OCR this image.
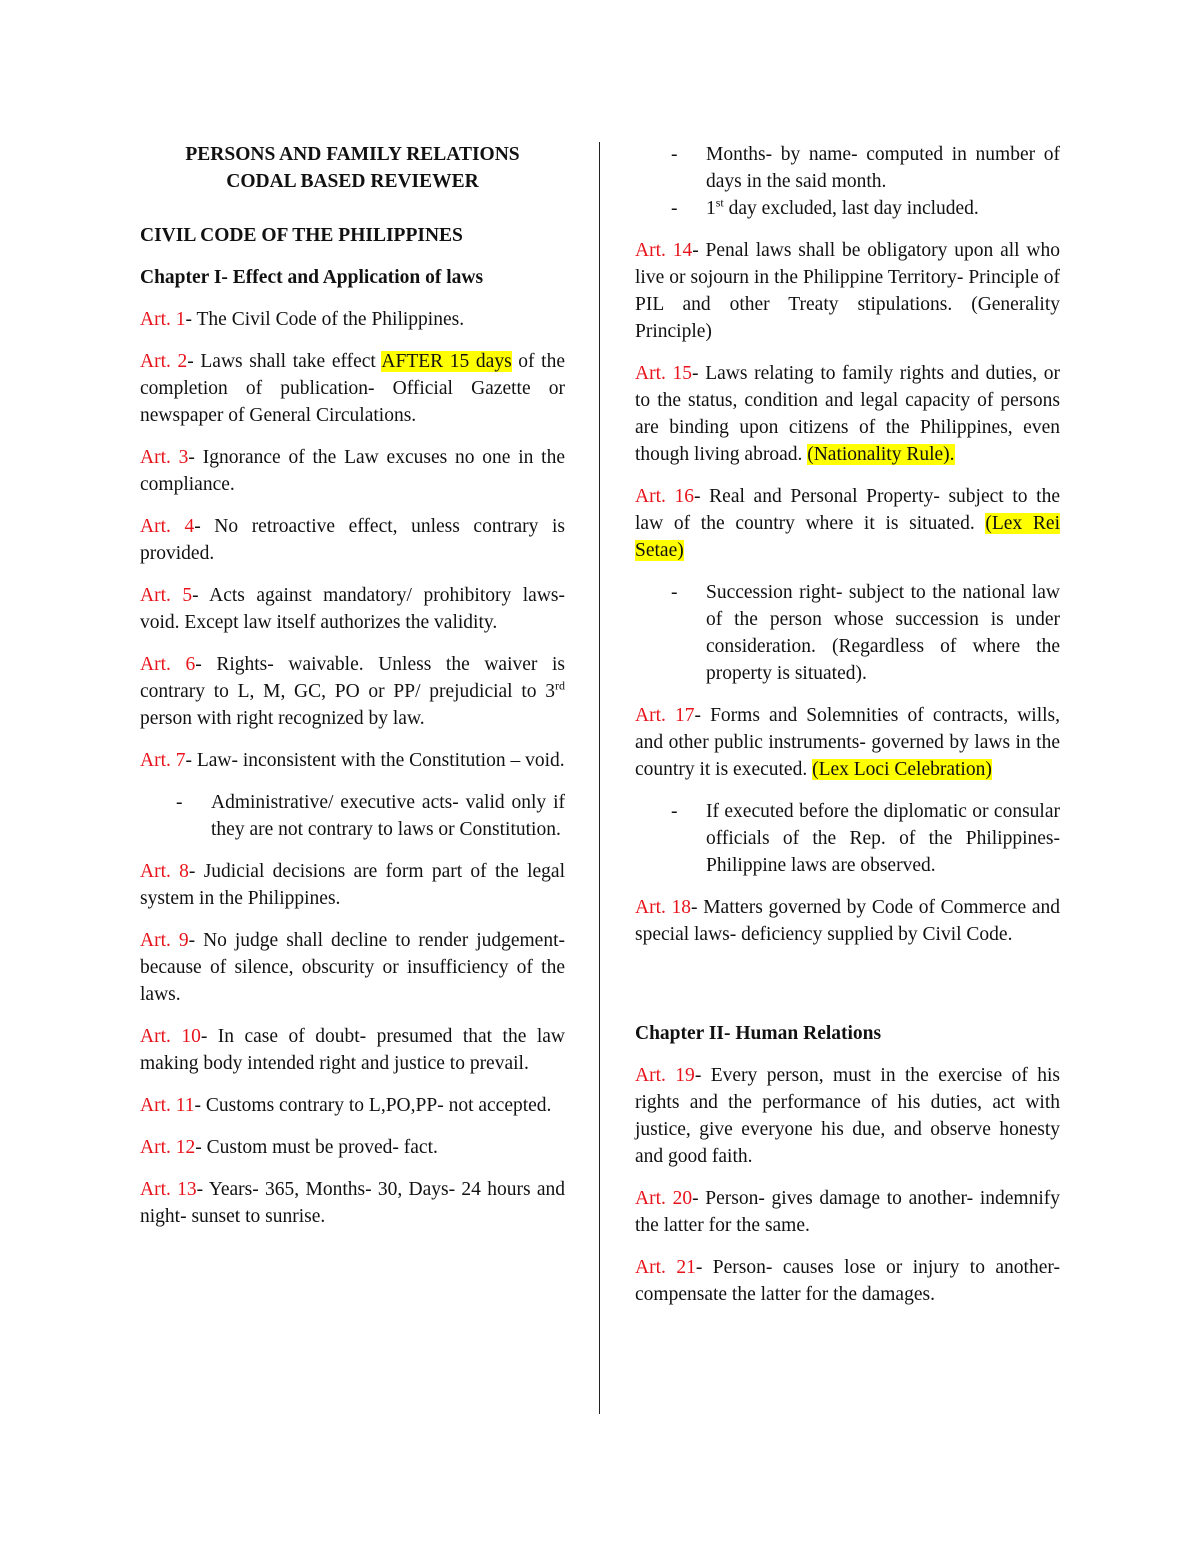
PERSONS AND FAMILY RELATIONS

CODAL BASED REVIEWER

CIVIL CODE OF THE PHILIPPINES

Chapter I- Effect and Application of laws

Art. 1- The Civil Code of the Philippines.

Art. 2- Laws shall take effect AFTER 15 days of the completion of publication- Official Gazette or newspaper of General Circulations.

Art. 3- Ignorance of the Law excuses no one in the compliance.

Art. 4- No retroactive effect, unless contrary is provided.

Art. 5- Acts against mandatory/ prohibitory laws- void. Except law itself authorizes the validity.

Art. 6- Rights- waivable. Unless the waiver is contrary to L, M, GC, PO or PP/ prejudicial to 3rd person with right recognized by law.

Art. 7- Law- inconsistent with the Constitution – void.

-	Administrative/ executive acts- valid only if they are not contrary to laws or Constitution.

Art. 8- Judicial decisions are form part of the legal system in the Philippines.

Art. 9- No judge shall decline to render judgement- because of silence, obscurity or insufficiency of the laws.

Art. 10- In case of doubt- presumed that the law making body intended right and justice to prevail.

Art. 11- Customs contrary to L,PO,PP- not accepted.

Art. 12- Custom must be proved- fact.

Art. 13- Years- 365, Months- 30, Days- 24 hours and night- sunset to sunrise.

-	Months- by name- computed in number of days in the said month.
-	1st day excluded, last day included.

Art. 14- Penal laws shall be obligatory upon all who live or sojourn in the Philippine Territory- Principle of PIL and other Treaty stipulations. (Generality Principle)

Art. 15- Laws relating to family rights and duties, or to the status, condition and legal capacity of persons are binding upon citizens of the Philippines, even though living abroad. (Nationality Rule).

Art. 16- Real and Personal Property- subject to the law of the country where it is situated. (Lex Rei Setae)

-	Succession right- subject to the national law of the person whose succession is under consideration. (Regardless of where the property is situated).

Art. 17- Forms and Solemnities of contracts, wills, and other public instruments- governed by laws in the country it is executed. (Lex Loci Celebration)

-	If executed before the diplomatic or consular officials of the Rep. of the Philippines- Philippine laws are observed.

Art. 18- Matters governed by Code of Commerce and special laws- deficiency supplied by Civil Code.

Chapter II- Human Relations

Art. 19- Every person, must in the exercise of his rights and the performance of his duties, act with justice, give everyone his due, and observe honesty and good faith.

Art. 20- Person- gives damage to another- indemnify the latter for the same.

Art. 21- Person- causes lose or injury to another- compensate the latter for the damages.
